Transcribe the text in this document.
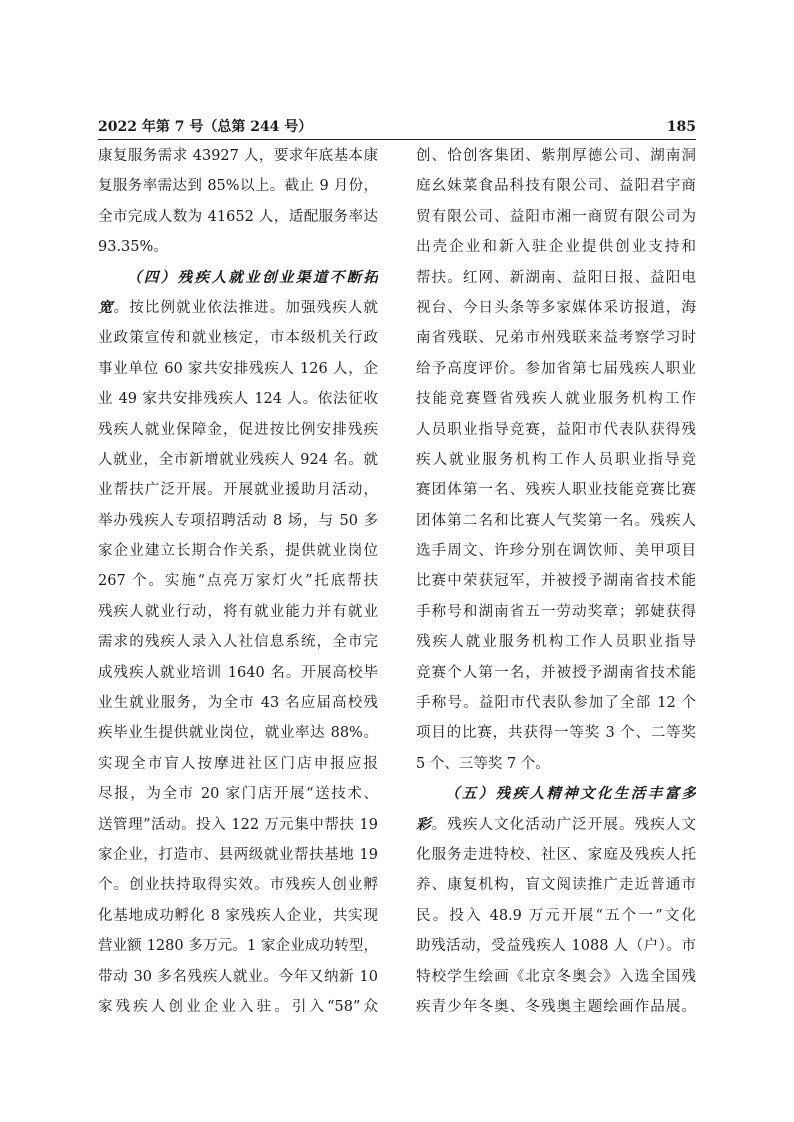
2022 年第 7 号（总第 244 号）	185
康复服务需求 43927 人，要求年底基本康
复服务率需达到 85%以上。截止 9 月份，
全市完成人数为 41652 人，适配服务率达
93.35%。
（四）残疾人就业创业渠道不断拓
宽。按比例就业依法推进。加强残疾人就
业政策宣传和就业核定，市本级机关行政
事业单位 60 家共安排残疾人 126 人，企
业 49 家共安排残疾人 124 人。依法征收
残疾人就业保障金，促进按比例安排残疾
人就业，全市新增就业残疾人 924 名。就
业帮扶广泛开展。开展就业援助月活动，
举办残疾人专项招聘活动 8 场，与 50 多
家企业建立长期合作关系，提供就业岗位
267 个。实施“点亮万家灯火”托底帮扶
残疾人就业行动，将有就业能力并有就业
需求的残疾人录入人社信息系统，全市完
成残疾人就业培训 1640 名。开展高校毕
业生就业服务，为全市 43 名应届高校残
疾毕业生提供就业岗位，就业率达 88%。
实现全市盲人按摩进社区门店申报应报
尽报，为全市 20 家门店开展“送技术、
送管理”活动。投入 122 万元集中帮扶 19
家企业，打造市、县两级就业帮扶基地 19
个。创业扶持取得实效。市残疾人创业孵
化基地成功孵化 8 家残疾人企业，共实现
营业额 1280 多万元。1 家企业成功转型，
带动 30 多名残疾人就业。今年又纳新 10
家残疾人创业企业入驻。引入“58”众
创、恰创客集团、紫荆厚德公司、湖南洞
庭幺妹菜食品科技有限公司、益阳君宇商
贸有限公司、益阳市湘一商贸有限公司为
出壳企业和新入驻企业提供创业支持和
帮扶。红网、新湖南、益阳日报、益阳电
视台、今日头条等多家媒体采访报道，海
南省残联、兄弟市州残联来益考察学习时
给予高度评价。参加省第七届残疾人职业
技能竞赛暨省残疾人就业服务机构工作
人员职业指导竞赛，益阳市代表队获得残
疾人就业服务机构工作人员职业指导竞
赛团体第一名、残疾人职业技能竞赛比赛
团体第二名和比赛人气奖第一名。残疾人
选手周文、许珍分别在调饮师、美甲项目
比赛中荣获冠军，并被授予湖南省技术能
手称号和湖南省五一劳动奖章；郭婕获得
残疾人就业服务机构工作人员职业指导
竞赛个人第一名，并被授予湖南省技术能
手称号。益阳市代表队参加了全部 12 个
项目的比赛，共获得一等奖 3 个、二等奖
5 个、三等奖 7 个。
（五）残疾人精神文化生活丰富多
彩。残疾人文化活动广泛开展。残疾人文
化服务走进特校、社区、家庭及残疾人托
养、康复机构，盲文阅读推广走近普通市
民。投入 48.9 万元开展“五个一”文化
助残活动，受益残疾人 1088 人（户）。市
特校学生绘画《北京冬奥会》入选全国残
疾青少年冬奥、冬残奥主题绘画作品展。
